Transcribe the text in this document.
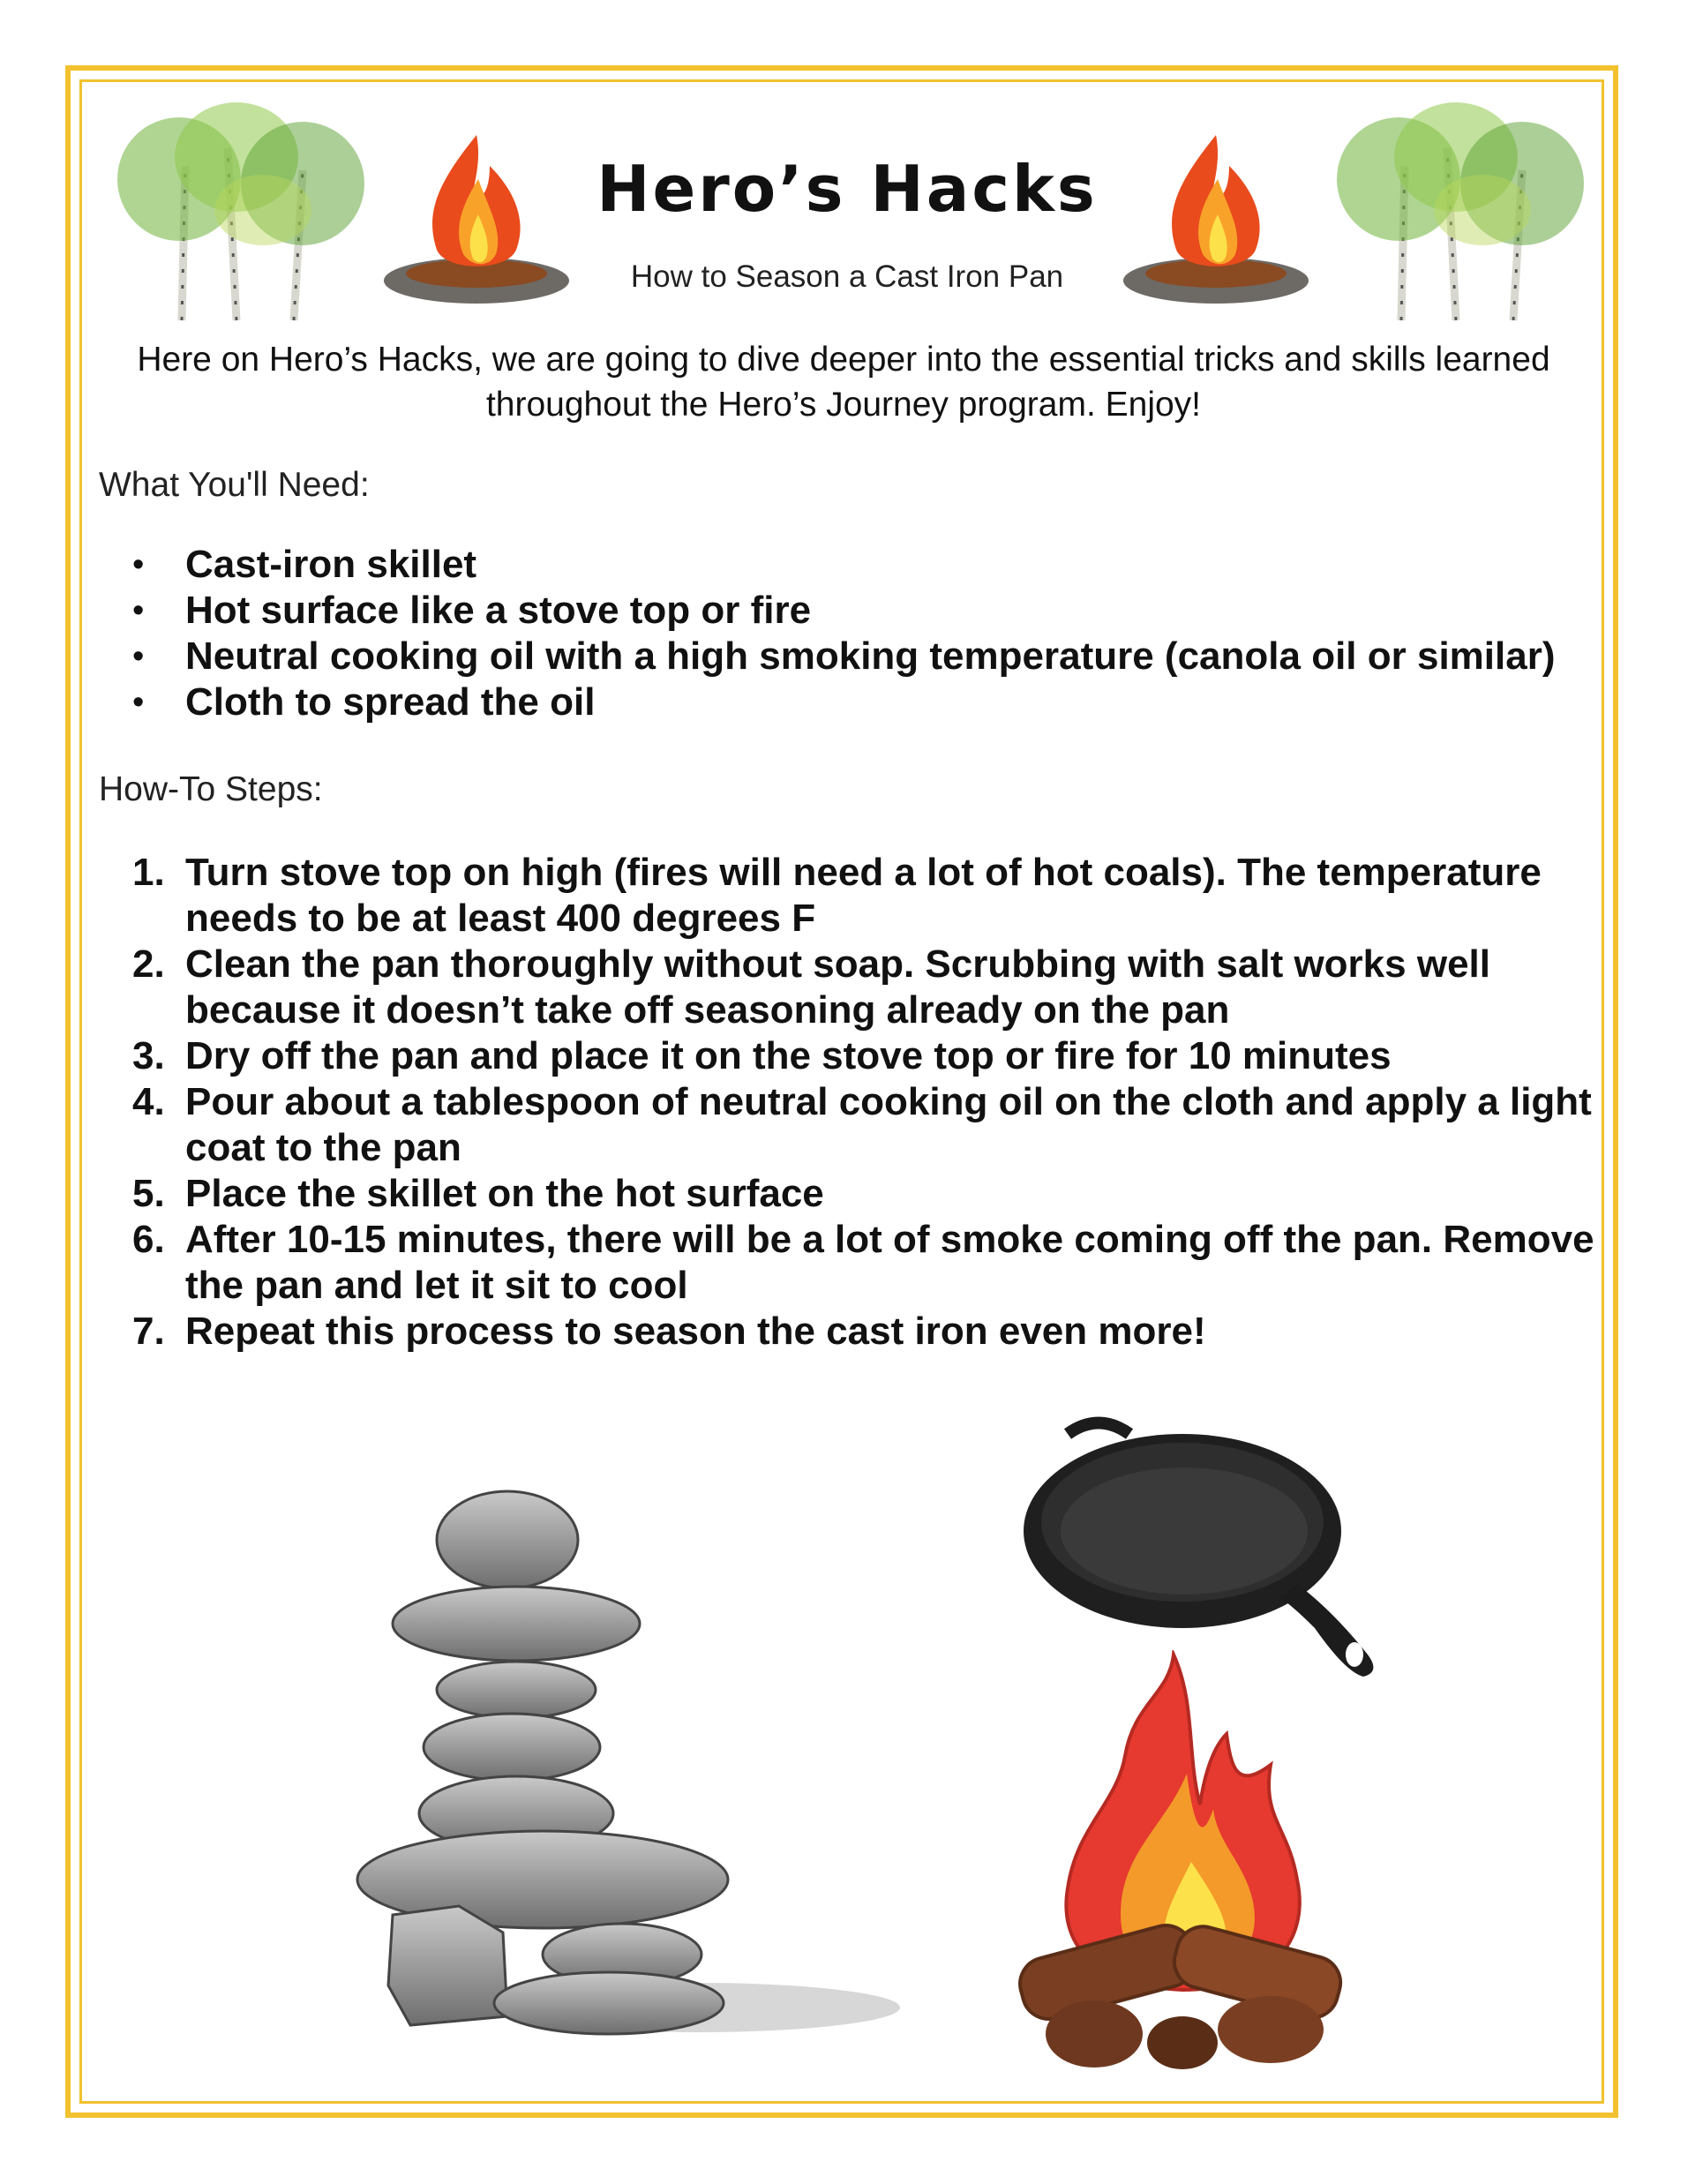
Hero’s Hacks
How to Season a Cast Iron Pan
Here on Hero’s Hacks, we are going to dive deeper into the essential tricks and skills learned throughout the Hero’s Journey program. Enjoy!
What You'll Need:
• Cast-iron skillet
• Hot surface like a stove top or fire
• Neutral cooking oil with a high smoking temperature (canola oil or similar)
• Cloth to spread the oil
How-To Steps:
1. Turn stove top on high (fires will need a lot of hot coals). The temperature needs to be at least 400 degrees F
2. Clean the pan thoroughly without soap. Scrubbing with salt works well because it doesn’t take off seasoning already on the pan
3. Dry off the pan and place it on the stove top or fire for 10 minutes
4. Pour about a tablespoon of neutral cooking oil on the cloth and apply a light coat to the pan
5. Place the skillet on the hot surface
6. After 10-15 minutes, there will be a lot of smoke coming off the pan. Remove the pan and let it sit to cool
7. Repeat this process to season the cast iron even more!
